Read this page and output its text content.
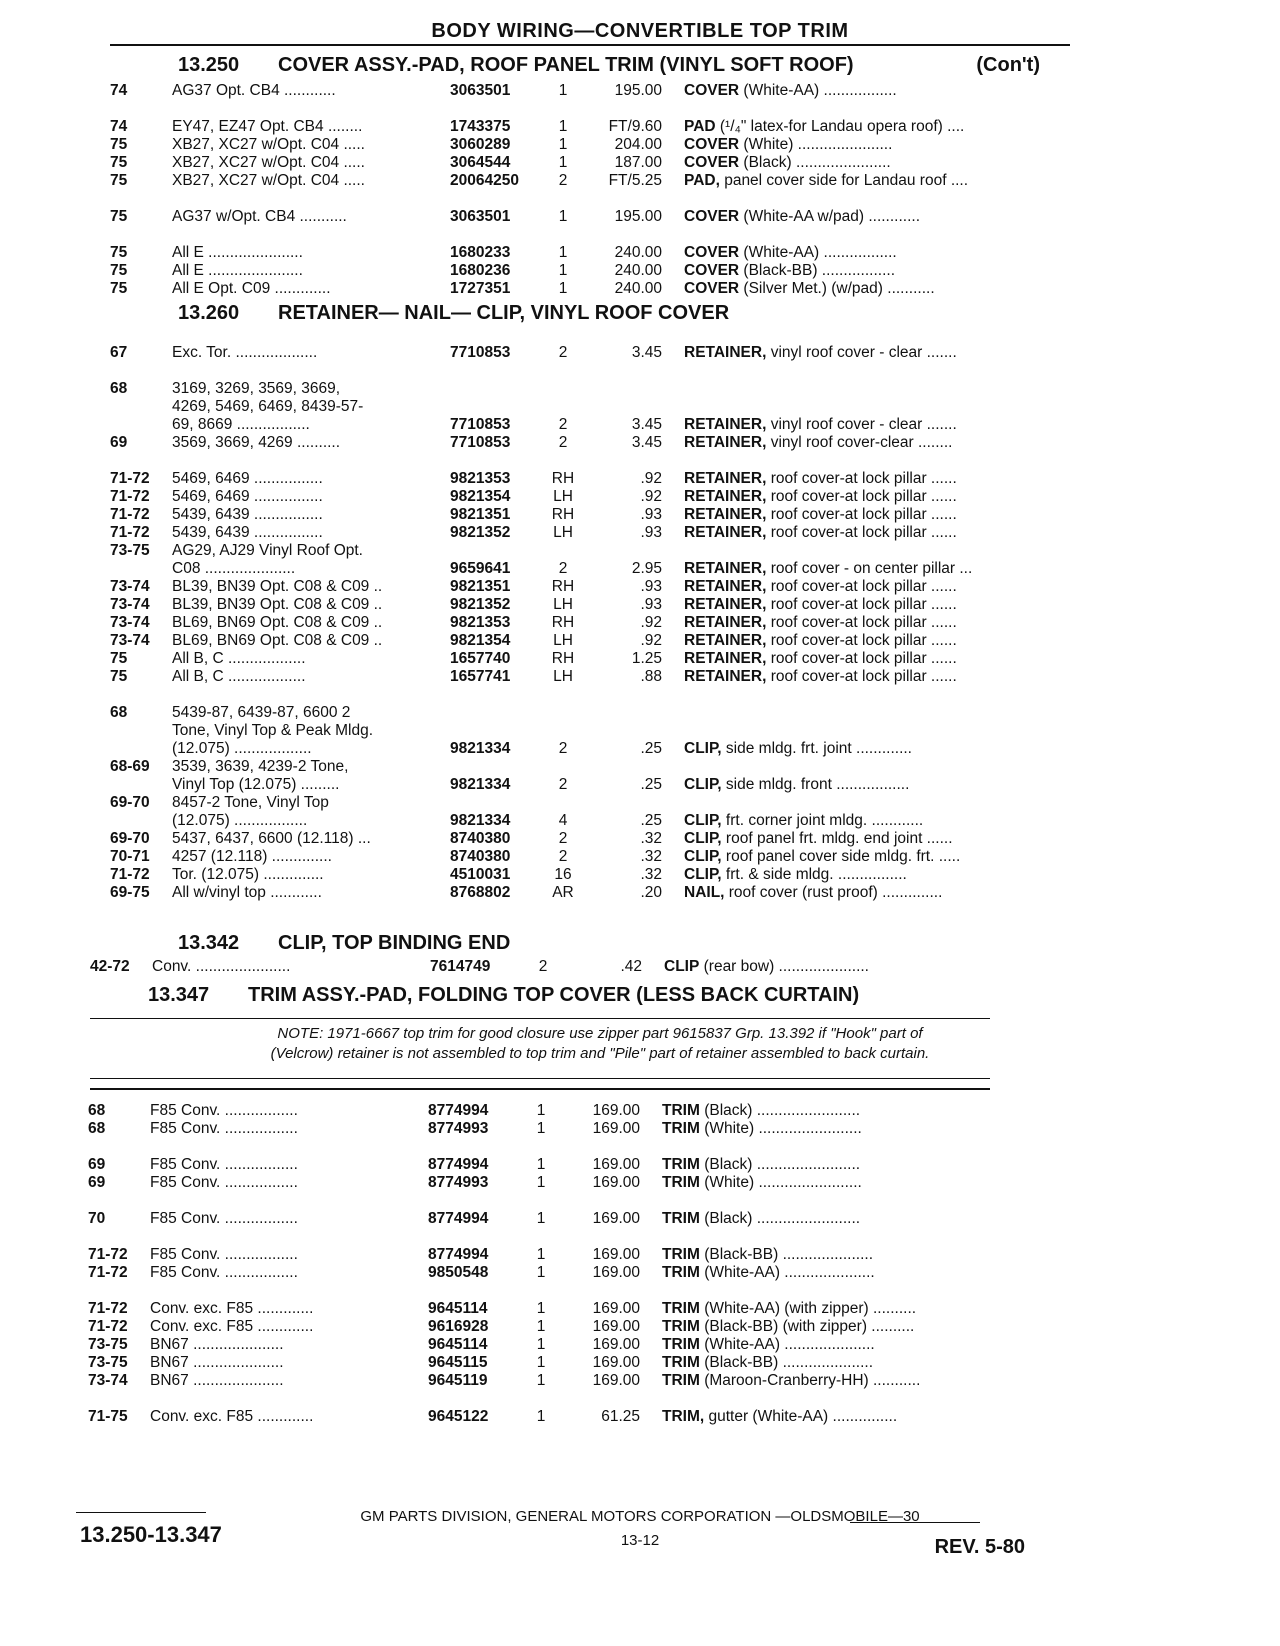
BODY WIRING—CONVERTIBLE TOP TRIM
13.250 COVER ASSY.-PAD, ROOF PANEL TRIM (VINYL SOFT ROOF)	(Con't)
74	AG37 Opt. CB4 ............	3063501	1	195.00	COVER (White-AA) .................
74	EY47, EZ47 Opt. CB4 ........	1743375	1	FT/9.60	PAD (¹/₄" latex-for Landau opera roof) ....
75	XB27, XC27 w/Opt. C04 .....	3060289	1	204.00	COVER (White) ......................
75	XB27, XC27 w/Opt. C04 .....	3064544	1	187.00	COVER (Black) ......................
75	XB27, XC27 w/Opt. C04 .....	20064250	2	FT/5.25	PAD, panel cover side for Landau roof ....
75	AG37 w/Opt. CB4 ...........	3063501	1	195.00	COVER (White-AA w/pad) ............
75	All E ......................	1680233	1	240.00	COVER (White-AA) .................
75	All E ......................	1680236	1	240.00	COVER (Black-BB) .................
75	All E Opt. C09 .............	1727351	1	240.00	COVER (Silver Met.) (w/pad) ...........
13.260 RETAINER— NAIL— CLIP, VINYL ROOF COVER
67	Exc. Tor. ...................	7710853	2	3.45	RETAINER, vinyl roof cover - clear .......
68	3169, 3269, 3569, 3669,
4269, 5469, 6469, 8439-57-
69, 8669 .................	7710853	2	3.45	RETAINER, vinyl roof cover - clear .......
69	3569, 3669, 4269 ..........	7710853	2	3.45	RETAINER, vinyl roof cover-clear ........
71-72	5469, 6469 ................	9821353	RH	.92	RETAINER, roof cover-at lock pillar ......
71-72	5469, 6469 ................	9821354	LH	.92	RETAINER, roof cover-at lock pillar ......
71-72	5439, 6439 ................	9821351	RH	.93	RETAINER, roof cover-at lock pillar ......
71-72	5439, 6439 ................	9821352	LH	.93	RETAINER, roof cover-at lock pillar ......
73-75	AG29, AJ29 Vinyl Roof Opt.
C08 .....................	9659641	2	2.95	RETAINER, roof cover - on center pillar ...
73-74	BL39, BN39 Opt. C08 & C09 ..	9821351	RH	.93	RETAINER, roof cover-at lock pillar ......
73-74	BL39, BN39 Opt. C08 & C09 ..	9821352	LH	.93	RETAINER, roof cover-at lock pillar ......
73-74	BL69, BN69 Opt. C08 & C09 ..	9821353	RH	.92	RETAINER, roof cover-at lock pillar ......
73-74	BL69, BN69 Opt. C08 & C09 ..	9821354	LH	.92	RETAINER, roof cover-at lock pillar ......
75	All B, C ..................	1657740	RH	1.25	RETAINER, roof cover-at lock pillar ......
75	All B, C ..................	1657741	LH	.88	RETAINER, roof cover-at lock pillar ......
68	5439-87, 6439-87, 6600 2
Tone, Vinyl Top & Peak Mldg.
(12.075) ..................	9821334	2	.25	CLIP, side mldg. frt. joint .............
68-69	3539, 3639, 4239-2 Tone,
Vinyl Top (12.075) .........	9821334	2	.25	CLIP, side mldg. front .................
69-70	8457-2 Tone, Vinyl Top
(12.075) .................	9821334	4	.25	CLIP, frt. corner joint mldg. ............
69-70	5437, 6437, 6600 (12.118) ...	8740380	2	.32	CLIP, roof panel frt. mldg. end joint ......
70-71	4257 (12.118) ..............	8740380	2	.32	CLIP, roof panel cover side mldg. frt. .....
71-72	Tor. (12.075) ..............	4510031	16	.32	CLIP, frt. & side mldg. ................
69-75	All w/vinyl top ............	8768802	AR	.20	NAIL, roof cover (rust proof) ..............
13.342 CLIP, TOP BINDING END
42-72	Conv. ......................	7614749	2	.42	CLIP (rear bow) .....................
13.347 TRIM ASSY.-PAD, FOLDING TOP COVER (LESS BACK CURTAIN)
NOTE: 1971-6667 top trim for good closure use zipper part 9615837 Grp. 13.392 if "Hook" part of
(Velcrow) retainer is not assembled to top trim and "Pile" part of retainer assembled to back curtain.
68	F85 Conv. .................	8774994	1	169.00	TRIM (Black) ........................
68	F85 Conv. .................	8774993	1	169.00	TRIM (White) ........................
69	F85 Conv. .................	8774994	1	169.00	TRIM (Black) ........................
69	F85 Conv. .................	8774993	1	169.00	TRIM (White) ........................
70	F85 Conv. .................	8774994	1	169.00	TRIM (Black) ........................
71-72	F85 Conv. .................	8774994	1	169.00	TRIM (Black-BB) .....................
71-72	F85 Conv. .................	9850548	1	169.00	TRIM (White-AA) .....................
71-72	Conv. exc. F85 .............	9645114	1	169.00	TRIM (White-AA) (with zipper) ..........
71-72	Conv. exc. F85 .............	9616928	1	169.00	TRIM (Black-BB) (with zipper) ..........
73-75	BN67 .....................	9645114	1	169.00	TRIM (White-AA) .....................
73-75	BN67 .....................	9645115	1	169.00	TRIM (Black-BB) .....................
73-74	BN67 .....................	9645119	1	169.00	TRIM (Maroon-Cranberry-HH) ...........
71-75	Conv. exc. F85 .............	9645122	1	61.25	TRIM, gutter (White-AA) ...............
GM PARTS DIVISION, GENERAL MOTORS CORPORATION —OLDSMOBILE—30
13.250-13.347	13-12	REV. 5-80
